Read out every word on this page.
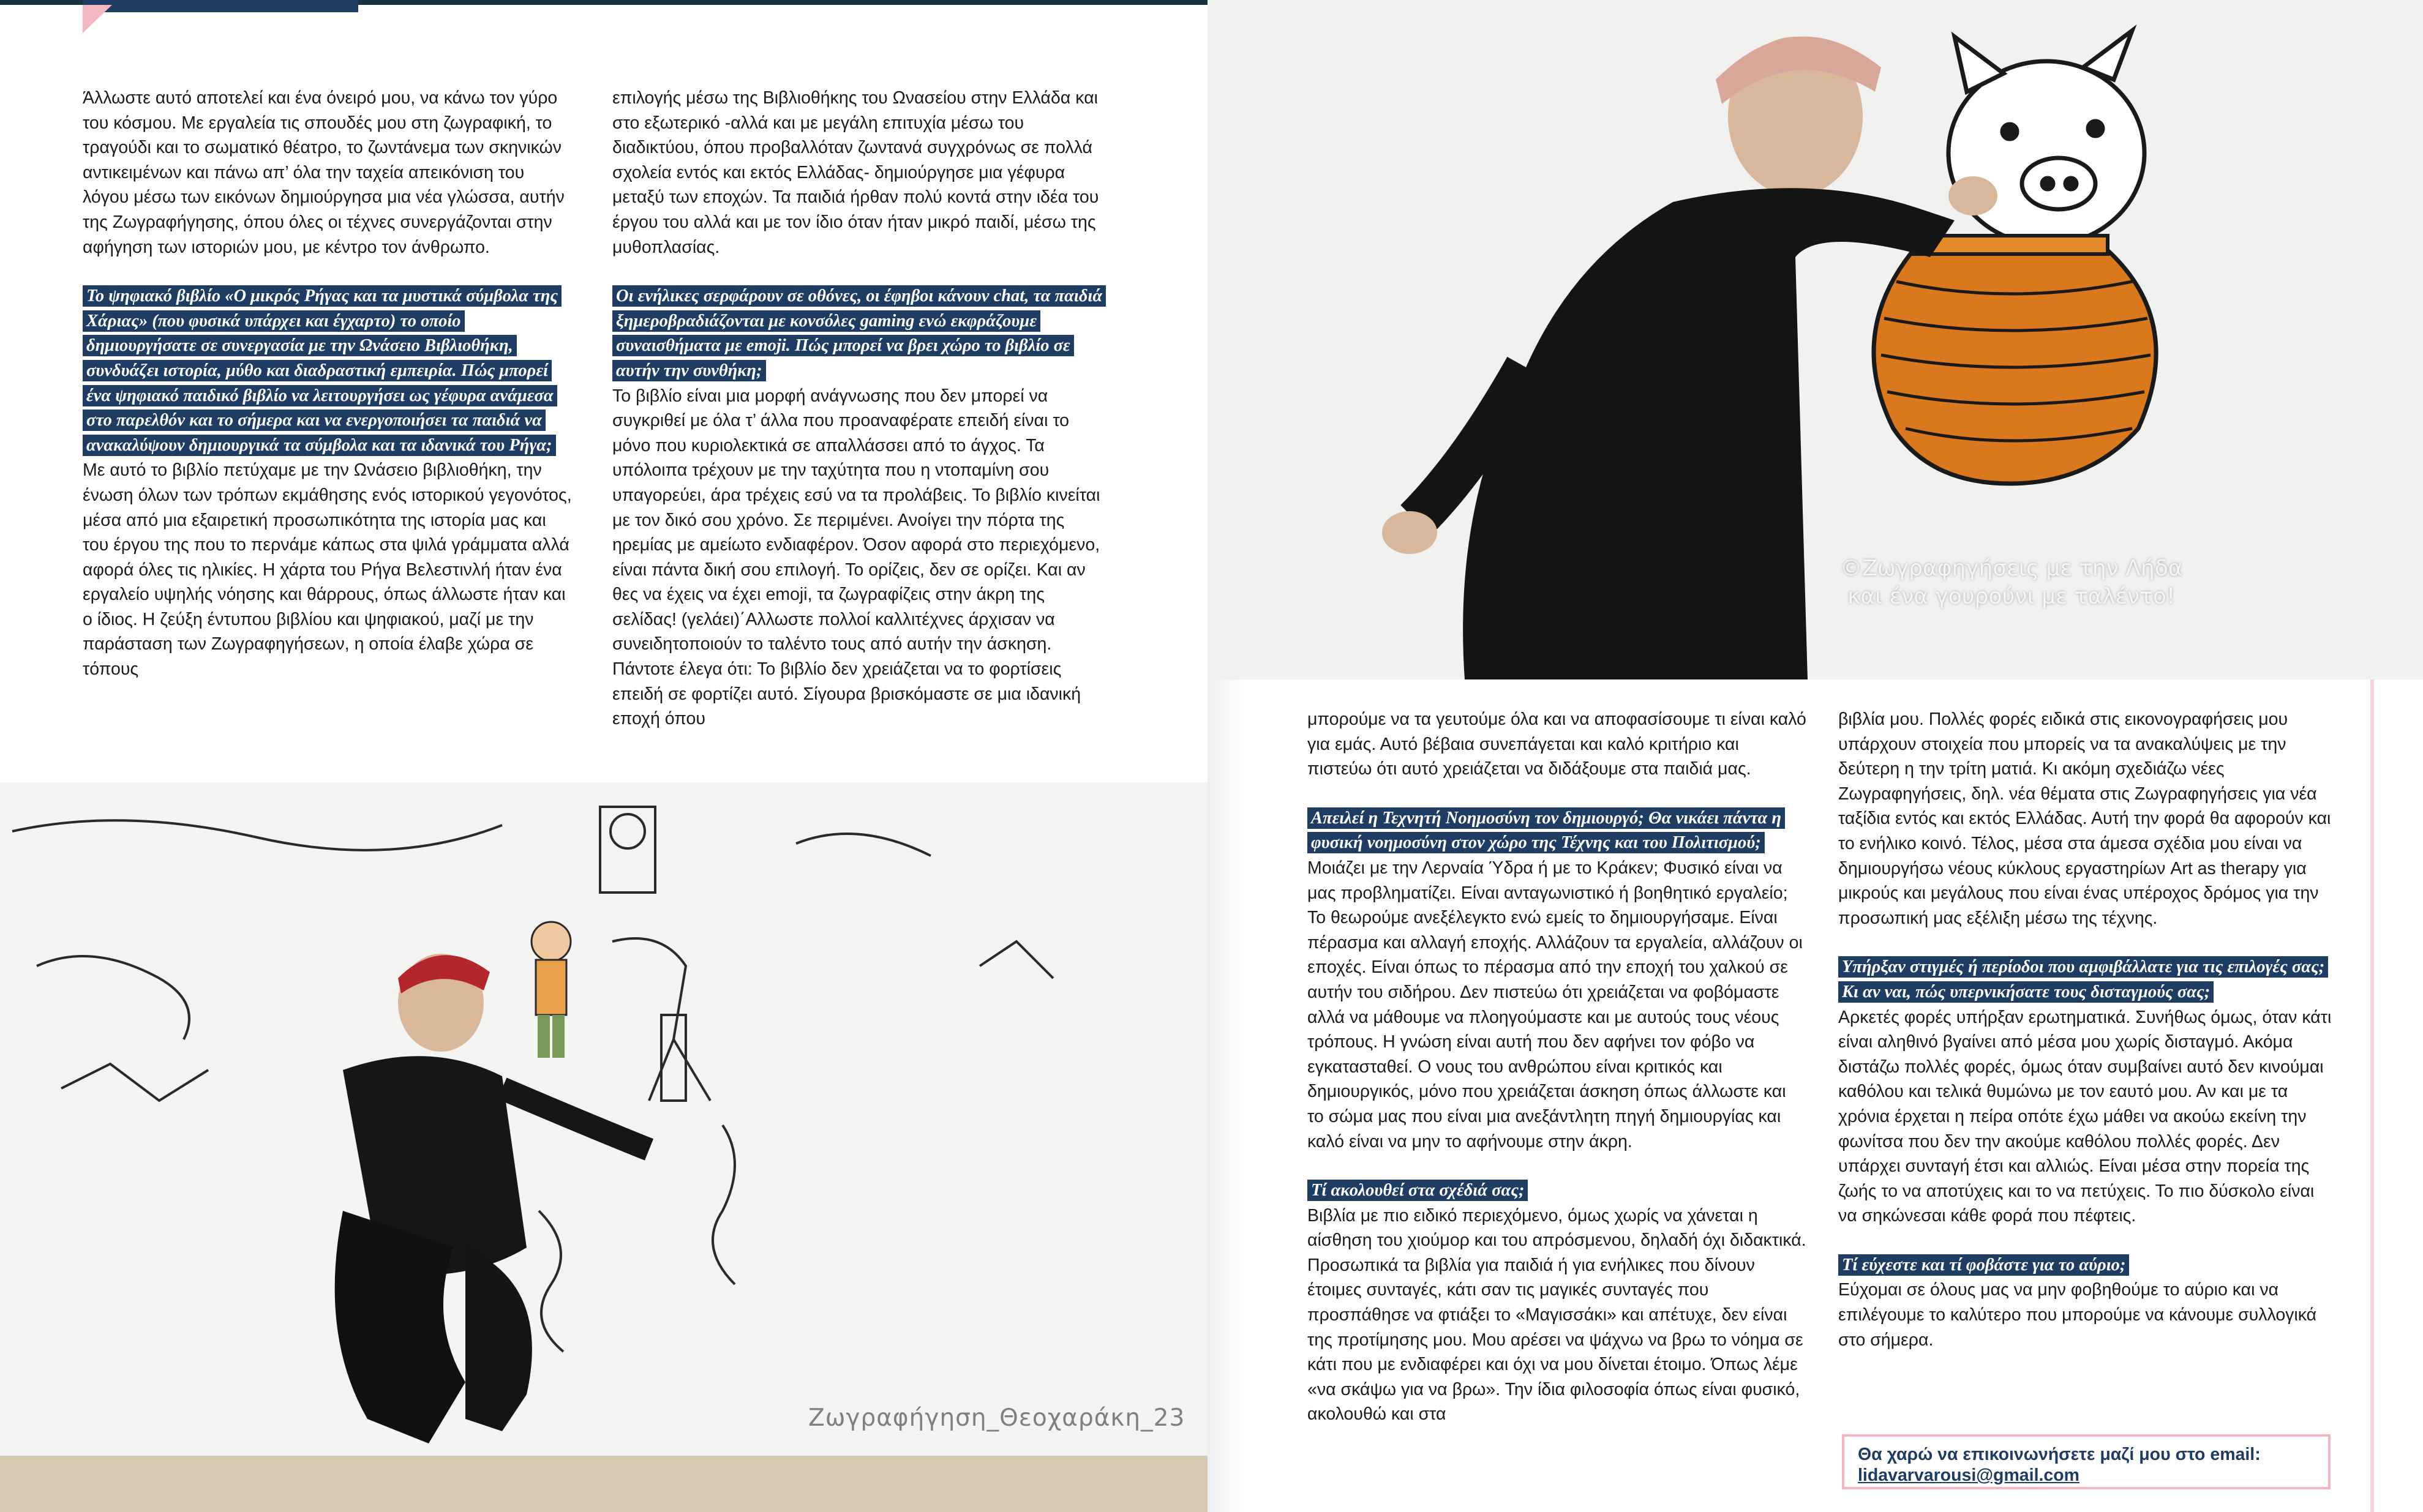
Άλλωστε αυτό αποτελεί και ένα όνειρό μου, να κάνω τον γύρο του κόσμου. Με εργαλεία τις σπουδές μου στη ζωγραφική, το τραγούδι και το σωματικό θέατρο, το ζωντάνεμα των σκηνικών αντικειμένων και πάνω απ’ όλα την ταχεία απεικόνιση του λόγου μέσω των εικόνων δημιούργησα μια νέα γλώσσα, αυτήν της Ζωγραφήγησης, όπου όλες οι τέχνες συνεργάζονται στην αφήγηση των ιστοριών μου, με κέντρο τον άνθρωπο.

Το ψηφιακό βιβλίο «Ο μικρός Ρήγας και τα μυστικά σύμβολα της Χάριας» (που φυσικά υπάρχει και έγχαρτο) το οποίο δημιουργήσατε σε συνεργασία με την Ωνάσειο Βιβλιοθήκη, συνδυάζει ιστορία, μύθο και διαδραστική εμπειρία. Πώς μπορεί ένα ψηφιακό παιδικό βιβλίο να λειτουργήσει ως γέφυρα ανάμεσα στο παρελθόν και το σήμερα και να ενεργοποιήσει τα παιδιά να ανακαλύψουν δημιουργικά τα σύμβολα και τα ιδανικά του Ρήγα;

Με αυτό το βιβλίο πετύχαμε με την Ωνάσειο βιβλιοθήκη, την ένωση όλων των τρόπων εκμάθησης ενός ιστορικού γεγονότος, μέσα από μια εξαιρετική προσωπικότητα της ιστορία μας και του έργου της που το περνάμε κάπως στα ψιλά γράμματα αλλά αφορά όλες τις ηλικίες. Η χάρτα του Ρήγα Βελεστινλή ήταν ένα εργαλείο υψηλής νόησης και θάρρους, όπως άλλωστε ήταν και ο ίδιος. Η ζεύξη έντυπου βιβλίου και ψηφιακού, μαζί με την παράσταση των Ζωγραφηγήσεων, η οποία έλαβε χώρα σε τόπους

επιλογής μέσω της Βιβλιοθήκης του Ωνασείου στην Ελλάδα και στο εξωτερικό -αλλά και με μεγάλη επιτυχία μέσω του διαδικτύου, όπου προβαλλόταν ζωντανά συγχρόνως σε πολλά σχολεία εντός και εκτός Ελλάδας- δημιούργησε μια γέφυρα μεταξύ των εποχών. Τα παιδιά ήρθαν πολύ κοντά στην ιδέα του έργου του αλλά και με τον ίδιο όταν ήταν μικρό παιδί, μέσω της μυθοπλασίας.

Οι ενήλικες σερφάρουν σε οθόνες, οι έφηβοι κάνουν chat, τα παιδιά ξημεροβραδιάζονται με κονσόλες gaming ενώ εκφράζουμε συναισθήματα με emoji. Πώς μπορεί να βρει χώρο το βιβλίο σε αυτήν την συνθήκη;

Το βιβλίο είναι μια μορφή ανάγνωσης που δεν μπορεί να συγκριθεί με όλα τ’ άλλα που προαναφέρατε επειδή είναι το μόνο που κυριολεκτικά σε απαλλάσσει από το άγχος. Τα υπόλοιπα τρέχουν με την ταχύτητα που η ντοπαμίνη σου υπαγορεύει, άρα τρέχεις εσύ να τα προλάβεις. Το βιβλίο κινείται με τον δικό σου χρόνο. Σε περιμένει. Ανοίγει την πόρτα της ηρεμίας με αμείωτο ενδιαφέρον. Όσον αφορά στο περιεχόμενο, είναι πάντα δική σου επιλογή. Το ορίζεις, δεν σε ορίζει. Και αν θες να έχεις να έχει emoji, τα ζωγραφίζεις στην άκρη της σελίδας! (γελάει)΄Αλλωστε πολλοί καλλιτέχνες άρχισαν να συνειδητοποιούν το ταλέντο τους από αυτήν την άσκηση. Πάντοτε έλεγα ότι: Το βιβλίο δεν χρειάζεται να το φορτίσεις επειδή σε φορτίζει αυτό. Σίγουρα βρισκόμαστε σε μια ιδανική εποχή όπου

Ζωγραφήγηση_Θεοχαράκη_23
©Ζωγραφηγήσεις με την Λήδα
και ένα γουρούνι με ταλέντο!

μπορούμε να τα γευτούμε όλα και να αποφασίσουμε τι είναι καλό για εμάς. Αυτό βέβαια συνεπάγεται και καλό κριτήριο και πιστεύω ότι αυτό χρειάζεται να διδάξουμε στα παιδιά μας.

Απειλεί η Τεχνητή Νοημοσύνη τον δημιουργό; Θα νικάει πάντα η φυσική νοημοσύνη στον χώρο της Τέχνης και του Πολιτισμού;

Μοιάζει με την Λερναία Ύδρα ή με το Κράκεν; Φυσικό είναι να μας προβληματίζει. Είναι ανταγωνιστικό ή βοηθητικό εργαλείο; Το θεωρούμε ανεξέλεγκτο ενώ εμείς το δημιουργήσαμε. Είναι πέρασμα και αλλαγή εποχής. Αλλάζουν τα εργαλεία, αλλάζουν οι εποχές. Είναι όπως το πέρασμα από την εποχή του χαλκού σε αυτήν του σιδήρου. Δεν πιστεύω ότι χρειάζεται να φοβόμαστε αλλά να μάθουμε να πλοηγούμαστε και με αυτούς τους νέους τρόπους. Η γνώση είναι αυτή που δεν αφήνει τον φόβο να εγκατασταθεί. Ο νους του ανθρώπου είναι κριτικός και δημιουργικός, μόνο που χρειάζεται άσκηση όπως άλλωστε και το σώμα μας που είναι μια ανεξάντλητη πηγή δημιουργίας και καλό είναι να μην το αφήνουμε στην άκρη.

Τί ακολουθεί στα σχέδιά σας;

Βιβλία με πιο ειδικό περιεχόμενο, όμως χωρίς να χάνεται η αίσθηση του χιούμορ και του απρόσμενου, δηλαδή όχι διδακτικά. Προσωπικά τα βιβλία για παιδιά ή για ενήλικες που δίνουν έτοιμες συνταγές, κάτι σαν τις μαγικές συνταγές που προσπάθησε να φτιάξει το «Μαγισσάκι» και απέτυχε, δεν είναι της προτίμησης μου. Μου αρέσει να ψάχνω να βρω το νόημα σε κάτι που με ενδιαφέρει και όχι να μου δίνεται έτοιμο. Όπως λέμε «να σκάψω για να βρω». Την ίδια φιλοσοφία όπως είναι φυσικό, ακολουθώ και στα

βιβλία μου. Πολλές φορές ειδικά στις εικονογραφήσεις μου υπάρχουν στοιχεία που μπορείς να τα ανακαλύψεις με την δεύτερη η την τρίτη ματιά. Κι ακόμη σχεδιάζω νέες Ζωγραφηγήσεις, δηλ. νέα θέματα στις Ζωγραφηγήσεις για νέα ταξίδια εντός και εκτός Ελλάδας. Αυτή την φορά θα αφορούν και το ενήλικο κοινό. Τέλος, μέσα στα άμεσα σχέδια μου είναι να δημιουργήσω νέους κύκλους εργαστηρίων Art as therapy για μικρούς και μεγάλους που είναι ένας υπέροχος δρόμος για την προσωπική μας εξέλιξη μέσω της τέχνης.

Υπήρξαν στιγμές ή περίοδοι που αμφιβάλλατε για τις επιλογές σας; Κι αν ναι, πώς υπερνικήσατε τους δισταγμούς σας;

Αρκετές φορές υπήρξαν ερωτηματικά. Συνήθως όμως, όταν κάτι είναι αληθινό βγαίνει από μέσα μου χωρίς δισταγμό. Ακόμα διστάζω πολλές φορές, όμως όταν συμβαίνει αυτό δεν κινούμαι καθόλου και τελικά θυμώνω με τον εαυτό μου. Αν και με τα χρόνια έρχεται η πείρα οπότε έχω μάθει να ακούω εκείνη την φωνίτσα που δεν την ακούμε καθόλου πολλές φορές. Δεν υπάρχει συνταγή έτσι και αλλιώς. Είναι μέσα στην πορεία της ζωής το να αποτύχεις και το να πετύχεις. Το πιο δύσκολο είναι να σηκώνεσαι κάθε φορά που πέφτεις.

Τί εύχεστε και τί φοβάστε για το αύριο;

Εύχομαι σε όλους μας να μην φοβηθούμε το αύριο και να επιλέγουμε το καλύτερο που μπορούμε να κάνουμε συλλογικά στο σήμερα.

Θα χαρώ να επικοινωνήσετε μαζί μου στο email:
lidavarvarousi@gmail.com
